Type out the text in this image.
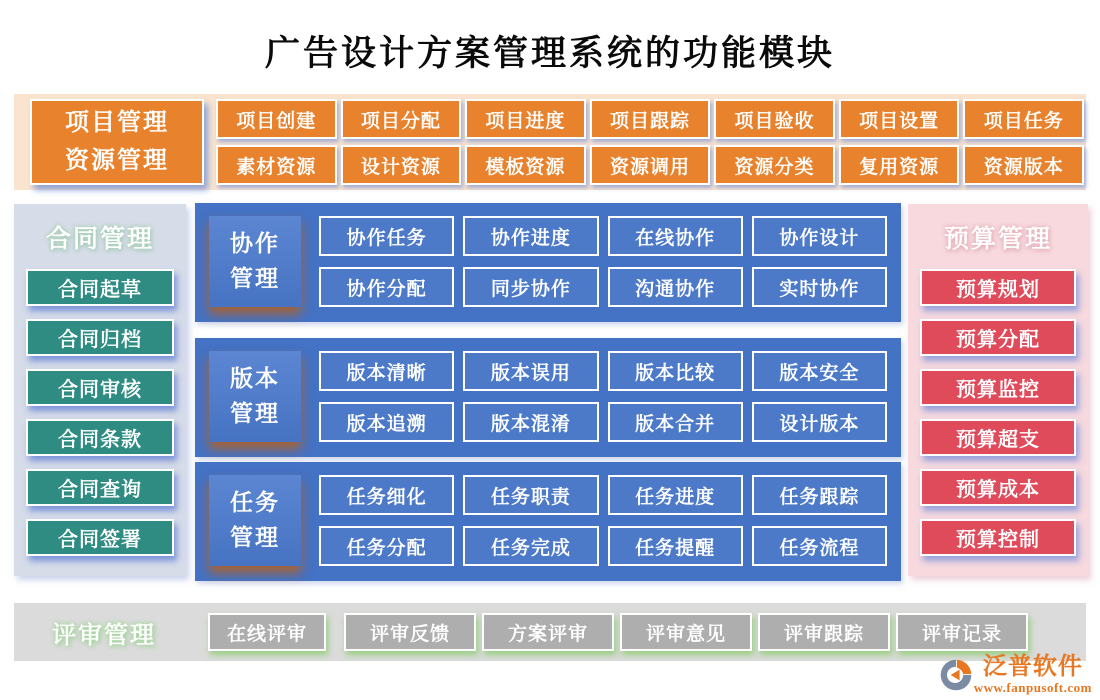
广告设计方案管理系统的功能模块
项目管理
资源管理
项目创建	项目分配	项目进度	项目跟踪	项目验收	项目设置	项目任务
素材资源	设计资源	模板资源	资源调用	资源分类	复用资源	资源版本
合同管理
合同起草
合同归档
合同审核
合同条款
合同查询
合同签署
协作
管理
协作任务	协作进度	在线协作	协作设计
协作分配	同步协作	沟通协作	实时协作
版本
管理
版本清晰	版本误用	版本比较	版本安全
版本追溯	版本混淆	版本合并	设计版本
任务
管理
任务细化	任务职责	任务进度	任务跟踪
任务分配	任务完成	任务提醒	任务流程
预算管理
预算规划
预算分配
预算监控
预算超支
预算成本
预算控制
评审管理	在线评审	评审反馈	方案评审	评审意见	评审跟踪	评审记录
泛普软件
www.fanpusoft.com
